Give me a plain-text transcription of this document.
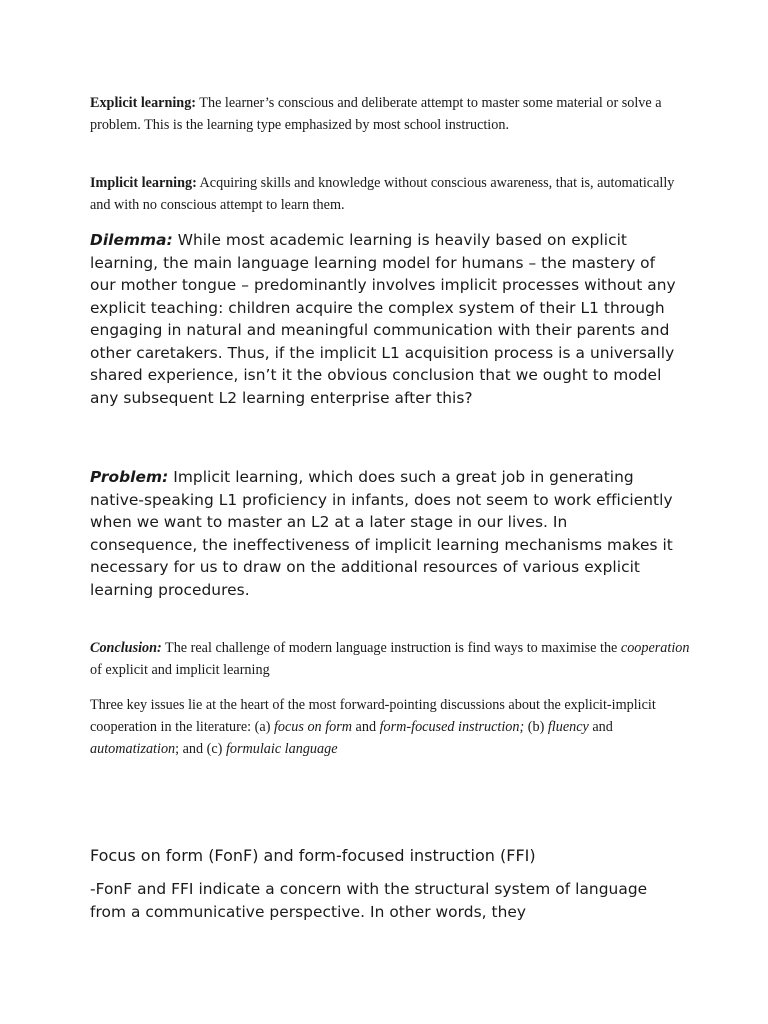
Explicit learning: The learner’s conscious and deliberate attempt to master some material or solve a problem. This is the learning type emphasized by most school instruction.

Implicit learning: Acquiring skills and knowledge without conscious awareness, that is, automatically and with no conscious attempt to learn them.

Dilemma: While most academic learning is heavily based on explicit learning, the main language learning model for humans – the mastery of our mother tongue – predominantly involves implicit processes without any explicit teaching: children acquire the complex system of their L1 through engaging in natural and meaningful communication with their parents and other caretakers. Thus, if the implicit L1 acquisition process is a universally shared experience, isn’t it the obvious conclusion that we ought to model any subsequent L2 learning enterprise after this?

Problem: Implicit learning, which does such a great job in generating native-speaking L1 proficiency in infants, does not seem to work efficiently when we want to master an L2 at a later stage in our lives. In consequence, the ineffectiveness of implicit learning mechanisms makes it necessary for us to draw on the additional resources of various explicit learning procedures.

Conclusion: The real challenge of modern language instruction is find ways to maximise the cooperation of explicit and implicit learning

Three key issues lie at the heart of the most forward-pointing discussions about the explicit-implicit cooperation in the literature: (a) focus on form and form-focused instruction; (b) fluency and automatization; and (c) formulaic language

Focus on form (FonF) and form-focused instruction (FFI)

-FonF and FFI indicate a concern with the structural system of language from a communicative perspective. In other words, they
